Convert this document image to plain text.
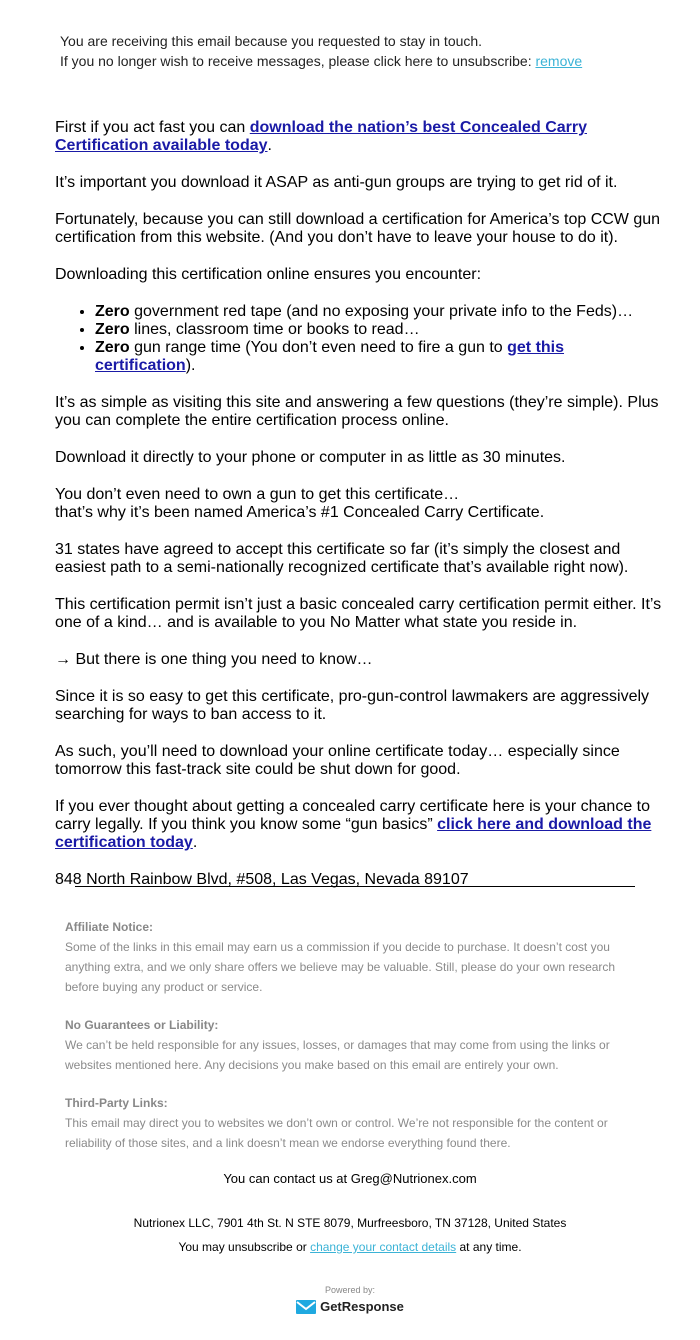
You are receiving this email because you requested to stay in touch.
If you no longer wish to receive messages, please click here to unsubscribe: remove

First if you act fast you can download the nation’s best Concealed Carry Certification available today.

It’s important you download it ASAP as anti-gun groups are trying to get rid of it.

Fortunately, because you can still download a certification for America’s top CCW gun certification from this website. (And you don’t have to leave your house to do it).

Downloading this certification online ensures you encounter:

• Zero government red tape (and no exposing your private info to the Feds)…
• Zero lines, classroom time or books to read…
• Zero gun range time (You don’t even need to fire a gun to get this certification).

It’s as simple as visiting this site and answering a few questions (they’re simple). Plus you can complete the entire certification process online.

Download it directly to your phone or computer in as little as 30 minutes.

You don’t even need to own a gun to get this certificate…
that’s why it’s been named America’s #1 Concealed Carry Certificate.

31 states have agreed to accept this certificate so far (it’s simply the closest and easiest path to a semi-nationally recognized certificate that’s available right now).

This certification permit isn’t just a basic concealed carry certification permit either. It’s one of a kind… and is available to you No Matter what state you reside in.

→ But there is one thing you need to know…

Since it is so easy to get this certificate, pro-gun-control lawmakers are aggressively searching for ways to ban access to it.

As such, you’ll need to download your online certificate today… especially since tomorrow this fast-track site could be shut down for good.

If you ever thought about getting a concealed carry certificate here is your chance to carry legally. If you think you know some “gun basics” click here and download the certification today.

848 North Rainbow Blvd, #508, Las Vegas, Nevada 89107

Affiliate Notice:
Some of the links in this email may earn us a commission if you decide to purchase. It doesn’t cost you anything extra, and we only share offers we believe may be valuable. Still, please do your own research before buying any product or service.

No Guarantees or Liability:
We can’t be held responsible for any issues, losses, or damages that may come from using the links or websites mentioned here. Any decisions you make based on this email are entirely your own.

Third-Party Links:
This email may direct you to websites we don’t own or control. We’re not responsible for the content or reliability of those sites, and a link doesn’t mean we endorse everything found there.

You can contact us at Greg@Nutrionex.com
Nutrionex LLC, 7901 4th St. N STE 8079, Murfreesboro, TN 37128, United States
You may unsubscribe or change your contact details at any time.
Powered by:
GetResponse
